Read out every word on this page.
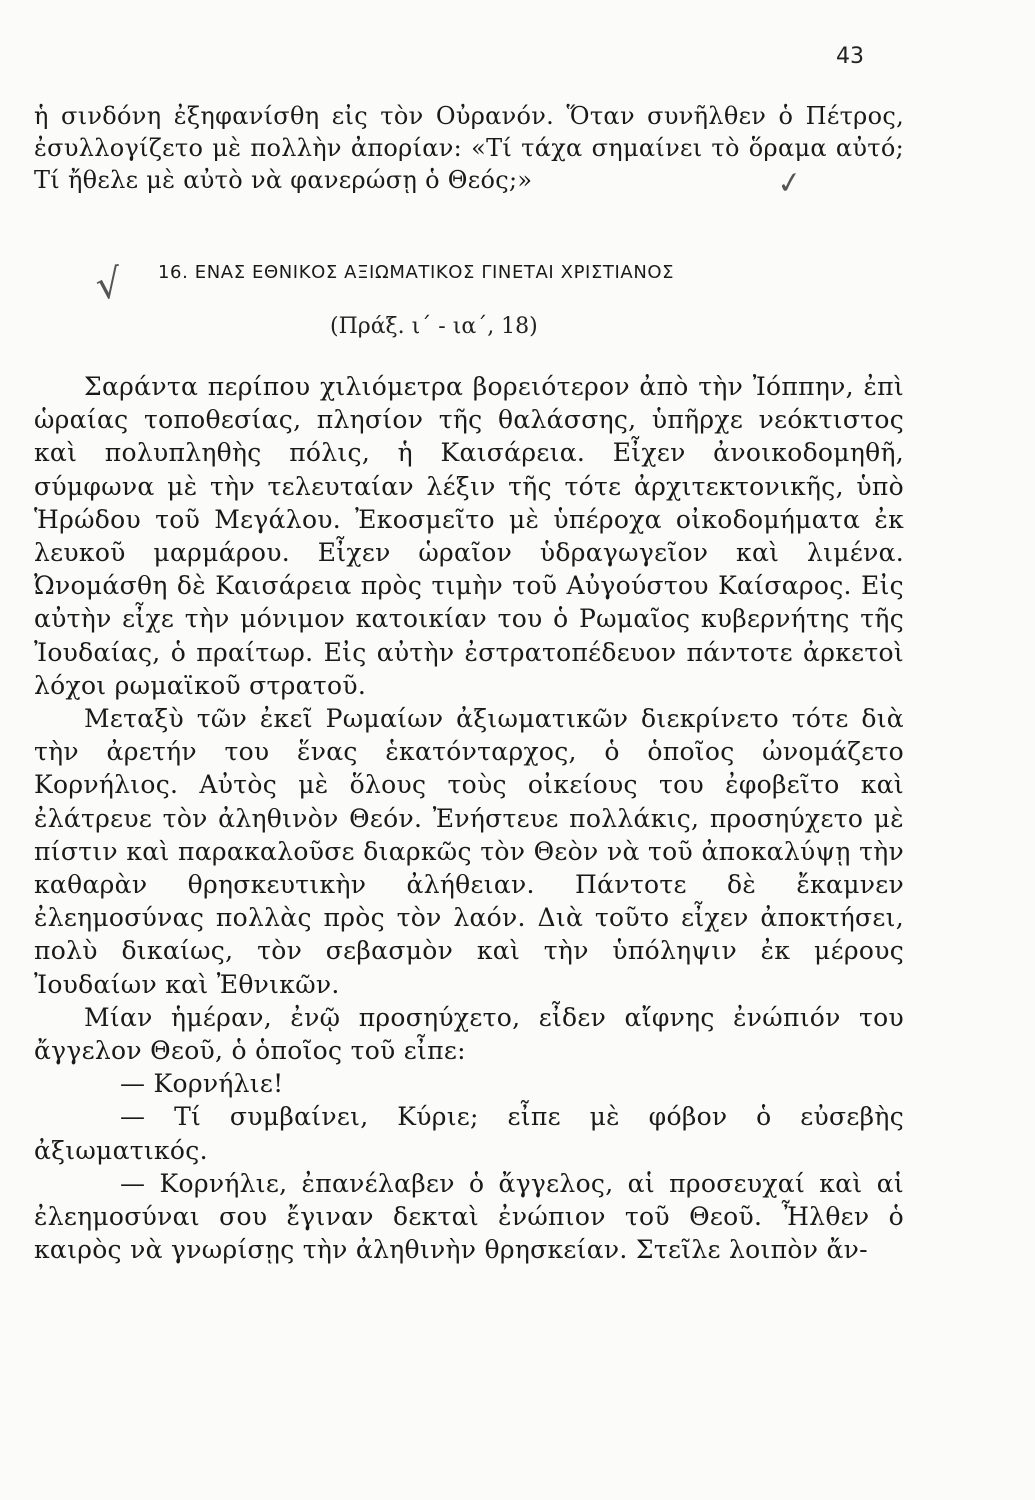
43
ἡ σινδόνη ἐξηφανίσθη εἰς τὸν Οὐρανόν. Ὅταν συνῆλθεν ὁ Πέτρος, ἐσυλλογίζετο μὲ πολλὴν ἀπορίαν: «Τί τάχα σημαίνει τὸ ὅραμα αὐτό; Τί ἤθελε μὲ αὐτὸ νὰ φανερώσῃ ὁ Θεός;»	✓
√ 16. ΕΝΑΣ ΕΘΝΙΚΟΣ ΑΞΙΩΜΑΤΙΚΟΣ ΓΙΝΕΤΑΙ ΧΡΙΣΤΙΑΝΟΣ
(Πράξ. ι΄ - ια΄, 18)

Σαράντα περίπου χιλιόμετρα βορειότερον ἀπὸ τὴν Ἰόππην, ἐπὶ ὡραίας τοποθεσίας, πλησίον τῆς θαλάσσης, ὑπῆρχε νεόκτιστος καὶ πολυπληθὴς πόλις, ἡ Καισάρεια. Εἶχεν ἀνοικοδομηθῆ, σύμφωνα μὲ τὴν τελευταίαν λέξιν τῆς τότε ἀρχιτεκτονικῆς, ὑπὸ Ἡρώδου τοῦ Μεγάλου. Ἐκοσμεῖτο μὲ ὑπέροχα οἰκοδομήματα ἐκ λευκοῦ μαρμάρου. Εἶχεν ὡραῖον ὑδραγωγεῖον καὶ λιμένα. Ὠνομάσθη δὲ Καισάρεια πρὸς τιμὴν τοῦ Αὐγούστου Καίσαρος. Εἰς αὐτὴν εἶχε τὴν μόνιμον κατοικίαν του ὁ Ρωμαῖος κυβερνήτης τῆς Ἰουδαίας, ὁ πραίτωρ. Εἰς αὐτὴν ἐστρατοπέδευον πάντοτε ἀρκετοὶ λόχοι ρωμαϊκοῦ στρατοῦ.

Μεταξὺ τῶν ἐκεῖ Ρωμαίων ἀξιωματικῶν διεκρίνετο τότε διὰ τὴν ἀρετήν του ἕνας ἑκατόνταρχος, ὁ ὁποῖος ὠνομάζετο Κορνήλιος. Αὐτὸς μὲ ὅλους τοὺς οἰκείους του ἐφοβεῖτο καὶ ἐλάτρευε τὸν ἀληθινὸν Θεόν. Ἐνήστευε πολλάκις, προσηύχετο μὲ πίστιν καὶ παρακαλοῦσε διαρκῶς τὸν Θεὸν νὰ τοῦ ἀποκαλύψῃ τὴν καθαρὰν θρησκευτικὴν ἀλήθειαν. Πάντοτε δὲ ἔκαμνεν ἐλεημοσύνας πολλὰς πρὸς τὸν λαόν. Διὰ τοῦτο εἶχεν ἀποκτήσει, πολὺ δικαίως, τὸν σεβασμὸν καὶ τὴν ὑπόληψιν ἐκ μέρους Ἰουδαίων καὶ Ἐθνικῶν.

Μίαν ἡμέραν, ἐνῷ προσηύχετο, εἶδεν αἴφνης ἐνώπιόν του ἄγγελον Θεοῦ, ὁ ὁποῖος τοῦ εἶπε:

— Κορνήλιε!

— Τί συμβαίνει, Κύριε; εἶπε μὲ φόβον ὁ εὐσεβὴς ἀξιωματικός.

— Κορνήλιε, ἐπανέλαβεν ὁ ἄγγελος, αἱ προσευχαί καὶ αἱ ἐλεημοσύναι σου ἔγιναν δεκταὶ ἐνώπιον τοῦ Θεοῦ. Ἦλθεν ὁ καιρὸς νὰ γνωρίσῃς τὴν ἀληθινὴν θρησκείαν. Στεῖλε λοιπὸν ἄν-
